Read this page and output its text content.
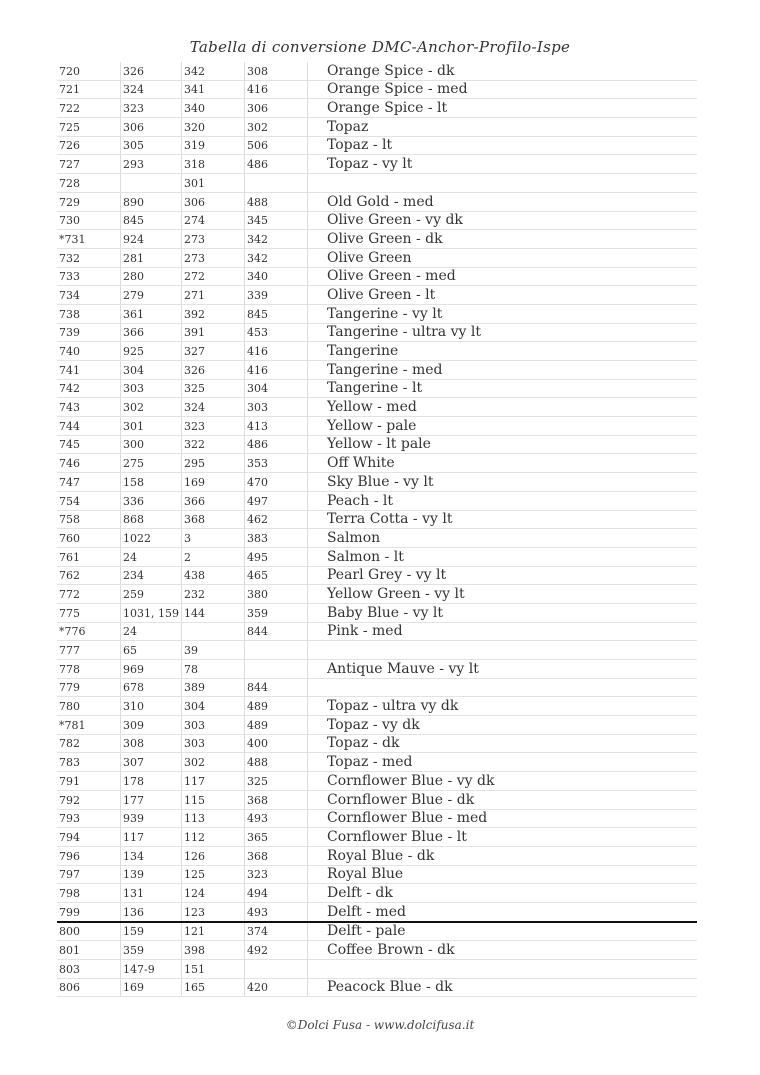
Tabella di conversione DMC-Anchor-Profilo-Ispe
720	326	342	308	Orange Spice - dk
721	324	341	416	Orange Spice - med
722	323	340	306	Orange Spice - lt
725	306	320	302	Topaz
726	305	319	506	Topaz - lt
727	293	318	486	Topaz - vy lt
728		301		
729	890	306	488	Old Gold - med
730	845	274	345	Olive Green - vy dk
*731	924	273	342	Olive Green - dk
732	281	273	342	Olive Green
733	280	272	340	Olive Green - med
734	279	271	339	Olive Green - lt
738	361	392	845	Tangerine - vy lt
739	366	391	453	Tangerine - ultra vy lt
740	925	327	416	Tangerine
741	304	326	416	Tangerine - med
742	303	325	304	Tangerine - lt
743	302	324	303	Yellow - med
744	301	323	413	Yellow - pale
745	300	322	486	Yellow - lt pale
746	275	295	353	Off White
747	158	169	470	Sky Blue - vy lt
754	336	366	497	Peach - lt
758	868	368	462	Terra Cotta - vy lt
760	1022	3	383	Salmon
761	24	2	495	Salmon - lt
762	234	438	465	Pearl Grey - vy lt
772	259	232	380	Yellow Green - vy lt
775	1031, 159	144	359	Baby Blue - vy lt
*776	24		844	Pink - med
777	65	39		
778	969	78		Antique Mauve - vy lt
779	678	389	844	
780	310	304	489	Topaz - ultra vy dk
*781	309	303	489	Topaz - vy dk
782	308	303	400	Topaz - dk
783	307	302	488	Topaz - med
791	178	117	325	Cornflower Blue - vy dk
792	177	115	368	Cornflower Blue - dk
793	939	113	493	Cornflower Blue - med
794	117	112	365	Cornflower Blue - lt
796	134	126	368	Royal Blue - dk
797	139	125	323	Royal Blue
798	131	124	494	Delft - dk
799	136	123	493	Delft - med
800	159	121	374	Delft - pale
801	359	398	492	Coffee Brown - dk
803	147-9	151		
806	169	165	420	Peacock Blue - dk
©Dolci Fusa - www.dolcifusa.it
